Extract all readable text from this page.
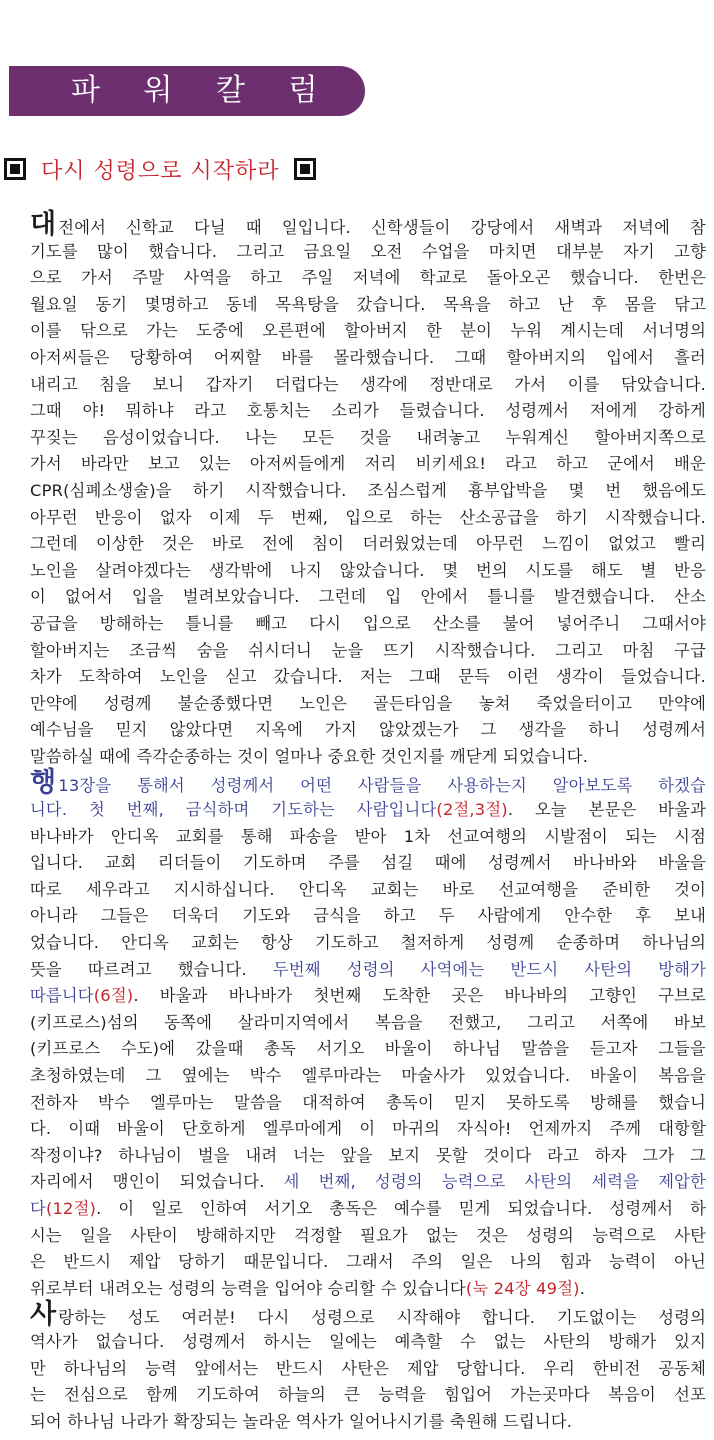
파 워 칼 럼
다시 성령으로 시작하라
대전에서 신학교 다닐 때 일입니다. 신학생들이 강당에서 새벽과 저녁에 참
기도를 많이 했습니다. 그리고 금요일 오전 수업을 마치면 대부분 자기 고향
으로 가서 주말 사역을 하고 주일 저녁에 학교로 돌아오곤 했습니다. 한번은
월요일 동기 몇명하고 동네 목욕탕을 갔습니다. 목욕을 하고 난 후 몸을 닦고
이를 닦으로 가는 도중에 오른편에 할아버지 한 분이 누워 계시는데 서너명의
아저씨들은 당황하여 어찌할 바를 몰라했습니다. 그때 할아버지의 입에서 흘러
내리고 침을 보니 갑자기 더럽다는 생각에 정반대로 가서 이를 닦았습니다.
그때 야! 뭐하냐 라고 호통치는 소리가 들렸습니다. 성령께서 저에게 강하게
꾸짖는 음성이었습니다. 나는 모든 것을 내려놓고 누워계신 할아버지쪽으로
가서 바라만 보고 있는 아저씨들에게 저리 비키세요! 라고 하고 군에서 배운
CPR(심폐소생술)을 하기 시작했습니다. 조심스럽게 흉부압박을 몇 번 했음에도
아무런 반응이 없자 이제 두 번째, 입으로 하는 산소공급을 하기 시작했습니다.
그런데 이상한 것은 바로 전에 침이 더러웠었는데 아무런 느낌이 없었고 빨리
노인을 살려야겠다는 생각밖에 나지 않았습니다. 몇 번의 시도를 해도 별 반응
이 없어서 입을 벌려보았습니다. 그런데 입 안에서 틀니를 발견했습니다. 산소
공급을 방해하는 틀니를 빼고 다시 입으로 산소를 불어 넣어주니 그때서야
할아버지는 조금씩 숨을 쉬시더니 눈을 뜨기 시작했습니다. 그리고 마침 구급
차가 도착하여 노인을 싣고 갔습니다. 저는 그때 문득 이런 생각이 들었습니다.
만약에 성령께 불순종했다면 노인은 골든타임을 놓쳐 죽었을터이고 만약에
예수님을 믿지 않았다면 지옥에 가지 않았겠는가 그 생각을 하니 성령께서
말씀하실 때에 즉각순종하는 것이 얼마나 중요한 것인지를 깨닫게 되었습니다.
행 13장을 통해서 성령께서 어떤 사람들을 사용하는지 알아보도록 하겠습
니다. 첫 번째, 금식하며 기도하는 사람입니다(2절,3절). 오늘 본문은 바울과
바나바가 안디옥 교회를 통해 파송을 받아 1차 선교여행의 시발점이 되는 시점
입니다. 교회 리더들이 기도하며 주를 섬길 때에 성령께서 바나바와 바울을
따로 세우라고 지시하십니다. 안디옥 교회는 바로 선교여행을 준비한 것이
아니라 그들은 더욱더 기도와 금식을 하고 두 사람에게 안수한 후 보내
었습니다. 안디옥 교회는 항상 기도하고 철저하게 성령께 순종하며 하나님의
뜻을 따르려고 했습니다. 두번째 성령의 사역에는 반드시 사탄의 방해가
따릅니다(6절). 바울과 바나바가 첫번째 도착한 곳은 바나바의 고향인 구브로
(키프로스)섬의 동쪽에 살라미지역에서 복음을 전했고, 그리고 서쪽에 바보
(키프로스 수도)에 갔을때 총독 서기오 바울이 하나님 말씀을 듣고자 그들을
초청하였는데 그 옆에는 박수 엘루마라는 마술사가 있었습니다. 바울이 복음을
전하자 박수 엘루마는 말씀을 대적하여 총독이 믿지 못하도록 방해를 했습니
다. 이때 바울이 단호하게 엘루마에게 이 마귀의 자식아! 언제까지 주께 대항할
작정이냐? 하나님이 벌을 내려 너는 앞을 보지 못할 것이다 라고 하자 그가 그
자리에서 맹인이 되었습니다. 세 번째, 성령의 능력으로 사탄의 세력을 제압한
다(12절). 이 일로 인하여 서기오 총독은 예수를 믿게 되었습니다. 성령께서 하
시는 일을 사탄이 방해하지만 걱정할 필요가 없는 것은 성령의 능력으로 사탄
은 반드시 제압 당하기 때문입니다. 그래서 주의 일은 나의 힘과 능력이 아닌
위로부터 내려오는 성령의 능력을 입어야 승리할 수 있습니다(눅 24장 49절).
사랑하는 성도 여러분! 다시 성령으로 시작해야 합니다. 기도없이는 성령의
역사가 없습니다. 성령께서 하시는 일에는 예측할 수 없는 사탄의 방해가 있지
만 하나님의 능력 앞에서는 반드시 사탄은 제압 당합니다. 우리 한비전 공동체
는 전심으로 함께 기도하여 하늘의 큰 능력을 힘입어 가는곳마다 복음이 선포
되어 하나님 나라가 확장되는 놀라운 역사가 일어나시기를 축원해 드립니다.
